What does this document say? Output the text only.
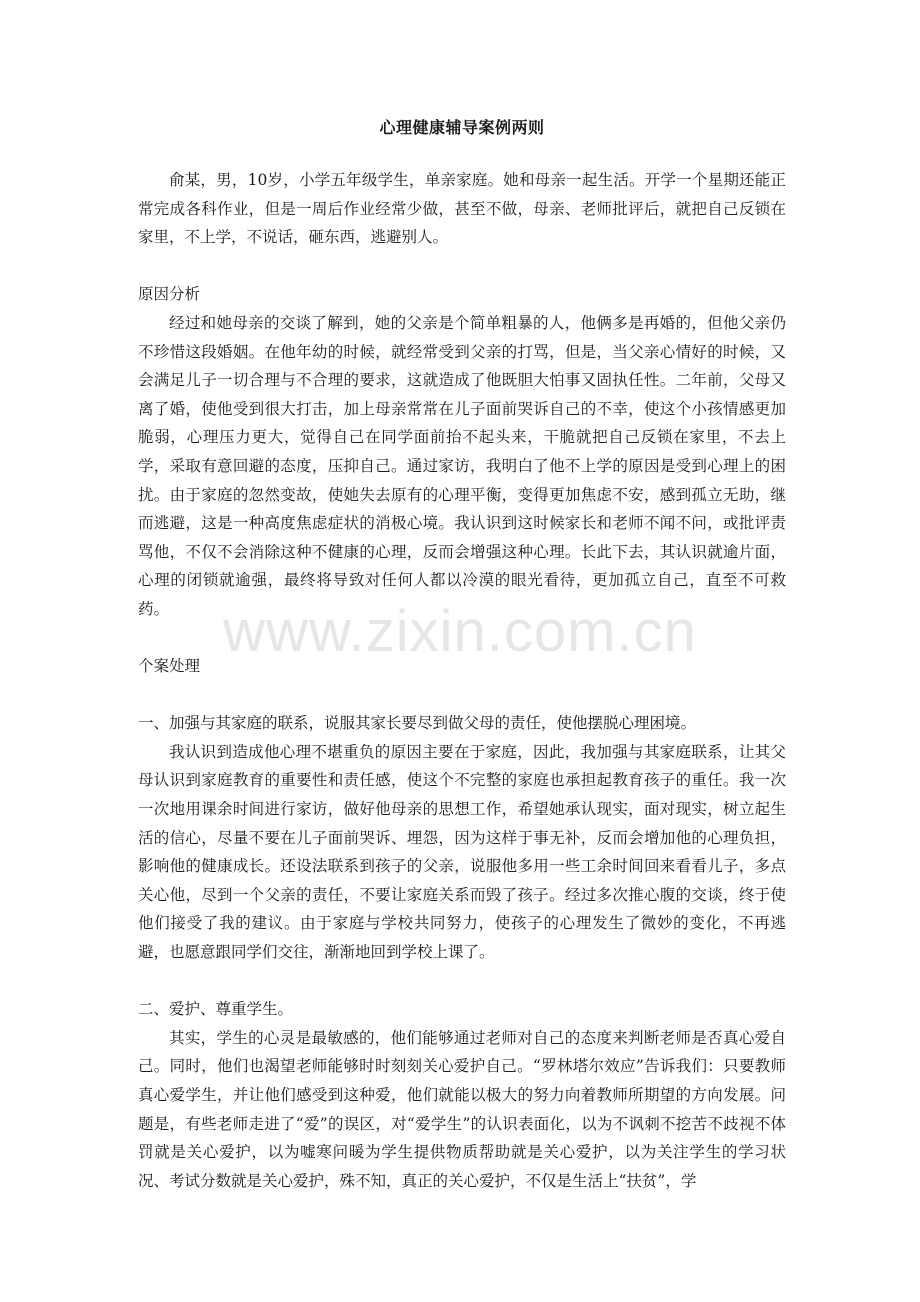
心理健康辅导案例两则

俞某，男，10岁，小学五年级学生，单亲家庭。她和母亲一起生活。开学一个星期还能正常完成各科作业，但是一周后作业经常少做，甚至不做，母亲、老师批评后，就把自己反锁在家里，不上学，不说话，砸东西，逃避别人。

原因分析

经过和她母亲的交谈了解到，她的父亲是个简单粗暴的人，他俩多是再婚的，但他父亲仍不珍惜这段婚姻。在他年幼的时候，就经常受到父亲的打骂，但是，当父亲心情好的时候，又会满足儿子一切合理与不合理的要求，这就造成了他既胆大怕事又固执任性。二年前，父母又离了婚，使他受到很大打击，加上母亲常常在儿子面前哭诉自己的不幸，使这个小孩情感更加脆弱，心理压力更大，觉得自己在同学面前抬不起头来，干脆就把自己反锁在家里，不去上学，采取有意回避的态度，压抑自己。通过家访，我明白了他不上学的原因是受到心理上的困扰。由于家庭的忽然变故，使她失去原有的心理平衡，变得更加焦虑不安，感到孤立无助，继而逃避，这是一种高度焦虑症状的消极心境。我认识到这时候家长和老师不闻不问，或批评责骂他，不仅不会消除这种不健康的心理，反而会增强这种心理。长此下去，其认识就逾片面，心理的闭锁就逾强，最终将导致对任何人都以冷漠的眼光看待，更加孤立自己，直至不可救药。

个案处理

一、加强与其家庭的联系，说服其家长要尽到做父母的责任，使他摆脱心理困境。

我认识到造成他心理不堪重负的原因主要在于家庭，因此，我加强与其家庭联系，让其父母认识到家庭教育的重要性和责任感，使这个不完整的家庭也承担起教育孩子的重任。我一次一次地用课余时间进行家访，做好他母亲的思想工作，希望她承认现实，面对现实，树立起生活的信心，尽量不要在儿子面前哭诉、埋怨，因为这样于事无补，反而会增加他的心理负担，影响他的健康成长。还设法联系到孩子的父亲，说服他多用一些工余时间回来看看儿子，多点关心他，尽到一个父亲的责任，不要让家庭关系而毁了孩子。经过多次推心腹的交谈，终于使他们接受了我的建议。由于家庭与学校共同努力，使孩子的心理发生了微妙的变化，不再逃避，也愿意跟同学们交往，渐渐地回到学校上课了。

二、爱护、尊重学生。

其实，学生的心灵是最敏感的，他们能够通过老师对自己的态度来判断老师是否真心爱自己。同时，他们也渴望老师能够时时刻刻关心爱护自己。“罗林塔尔效应”告诉我们：只要教师真心爱学生，并让他们感受到这种爱，他们就能以极大的努力向着教师所期望的方向发展。问题是，有些老师走进了“爱”的误区，对“爱学生”的认识表面化，以为不讽刺不挖苦不歧视不体罚就是关心爱护，以为嘘寒问暖为学生提供物质帮助就是关心爱护，以为关注学生的学习状况、考试分数就是关心爱护，殊不知，真正的关心爱护，不仅是生活上“扶贫”，学

www.zixin.com.cn
